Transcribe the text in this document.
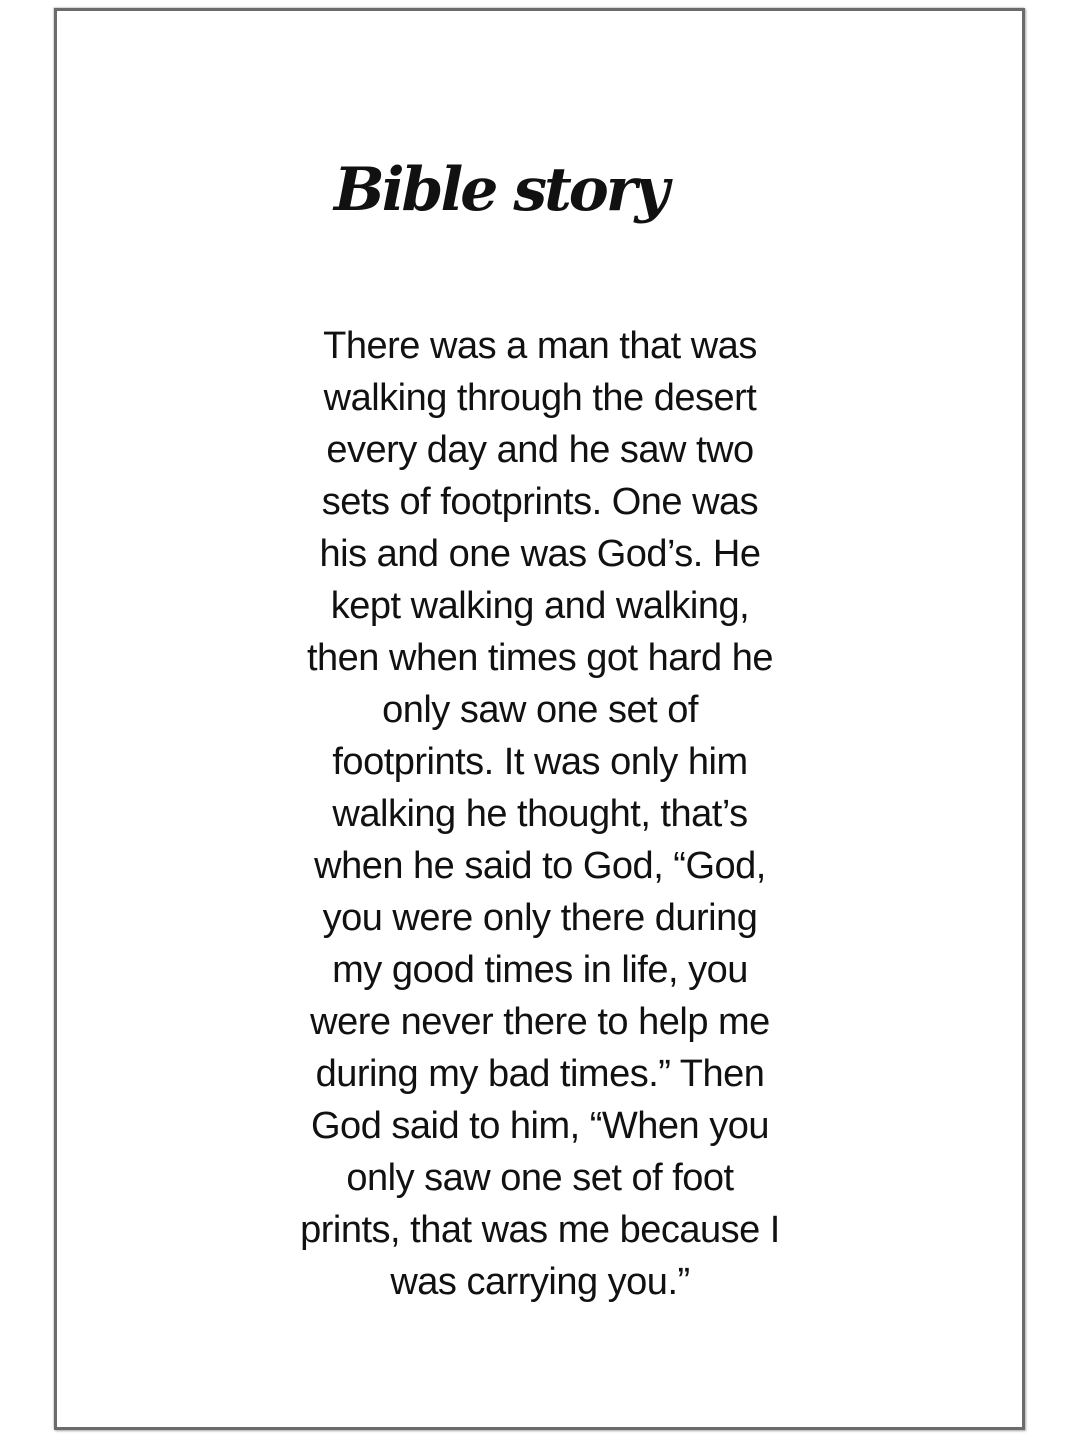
Bible story

There was a man that was
walking through the desert
every day and he saw two
sets of footprints. One was
his and one was God’s. He
kept walking and walking,
then when times got hard he
only saw one set of
footprints. It was only him
walking he thought, that’s
when he said to God, “God,
you were only there during
my good times in life, you
were never there to help me
during my bad times.” Then
God said to him, “When you
only saw one set of foot
prints, that was me because I
was carrying you.”
